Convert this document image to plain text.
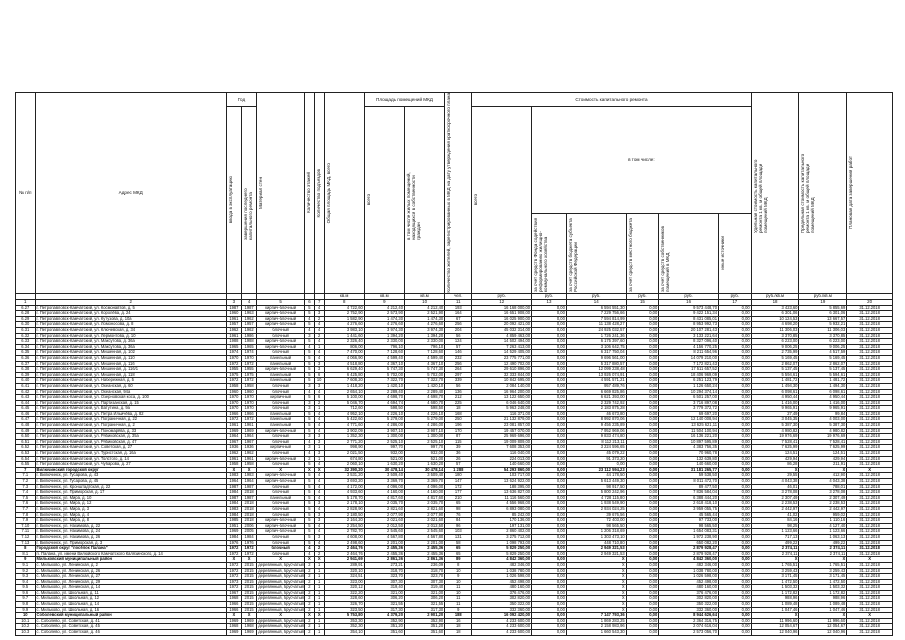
№ п/п	Адрес МКД	Год		Материал стен	Количество этажей	Количество подъездов	Общая площадь МКД, всего	Площадь помещений МКД		Количество жителей, зарегистрированных в МКД на дату утверждения краткосрочного плана	Стоимость капитального ремонта						Удельная стоимость капитального ремонта 1 кв. м общей площади помещений МКД	Предельная стоимость капитального ремонта 1 кв. м общей площади помещений МКД	Плановая дата завершения работ

		ввода в эксплуатацию	завершения последнего капитального ремонта					всего	в том числе жилых помещений, находящихся в собственности граждан		всего	в том числе:							

												за счет средств Фонда содействия реформированию жилищно-коммунального хозяйства	за счет средств бюджета субъекта Российской Федерации	за счет средств местного бюджета	за счет средств собственников помещений в МКД	иные источники			

							кв.м	кв.м	кв.м	чел.	руб.	руб.	руб.	руб.	руб.	руб.	руб./кв.м	руб./кв.м	
1	2	3	4	5	6	7	8	9	10	11	12	13	14	15	16	17	18	19	20
6.27	г. Петропавловск-Камчатский, ул. Космонавтов, д. 5	1987	1987	кирпич-блочный	5	4	4 722,60	4 212,40	4 212,40	193	16 168 000,00	0,00	6 594 551,30	0,00	9 573 448,70	0,00	3 423,60	5 855,69	31.12.2018
6.28	г. Петропавловск-Камчатский, ул. Королёва, д. 24	1960	1963	кирпич-блочный	5	3	2 752,90	2 573,90	2 521,90	164	16 651 908,00	0,00	7 229 756,66	0,00	9 422 151,34	0,00	6 301,06	6 301,06	31.12.2018
6.29	г. Петропавловск-Камчатский, ул. Кутузова, д. 10а	1961	1962	кирпич-блочный	4	2	1 582,90	1 474,30	1 474,30	67	16 025 900,00	0,00	7 594 814,99	0,00	8 431 085,01	0,00	10 124,53	13 667,57	31.12.2018
6.30	г. Петропавловск-Камчатский, ул. Ломоносова, д. 8	1957	1957	кирпич-блочный	5	4	4 276,60	4 276,60	4 276,60	256	20 092 421,00	0,00	11 138 428,27	0,00	8 953 992,73	0,00	4 698,20	5 932,21	31.12.2018
6.31	г. Петропавловск-Камчатский, ул. Ключевская, д. 34	1962	1962	блочный	4	4	3 983,10	3 974,30	3 974,30	204	45 032 314,00	0,00	24 925 032,57	0,00	20 107 281,43	0,00	11 306,03	11 306,03	31.12.2018
6.32	г. Петропавловск-Камчатский, ул. Лермонтова, д. 10	1961	1986	блочный	3	2	1 441,60	1 394,20	1 394,20	56	4 859 463,00	0,00	1 726 241,36	0,00	3 133 221,64	0,00	3 370,85	3 370,85	31.12.2018
6.33	г. Петропавловск-Камчатский, ул. Максутова, д. 36а	1988	1988	кирпич-блочный	5	4	2 326,40	2 330,00	2 330,00	124	14 502 494,00	0,00	6 175 397,60	0,00	8 327 096,40	0,00	6 223,00	6 223,00	31.12.2018
6.34	г. Петропавловск-Камчатский, ул. Максутова, д. 36а	1965	1965	кирпич-блочный	4	1	806,00	796,10	796,10	57	7 263 413,00	0,00	3 106 642,75	0,00	4 156 770,25	0,00	9 006,25	9 006,25	31.12.2018
6.35	г. Петропавловск-Камчатский, ул. Мишенная, д. 102	1974	1974	блочный	5	4	7 470,00	7 128,60	7 128,60	146	14 529 405,00	0,00	6 317 750,04	0,00	8 211 654,96	0,00	2 735,99	4 517,59	31.12.2018
6.36	г. Петропавловск-Камчатский, ул. Мишенная, д. 110	1970	1970	панельный	5	4	4 066,90	4 599,40	4 599,40	232	23 775 771,00	0,00	9 696 561,00	0,00	14 079 210,00	0,00	5 169,45	5 169,45	31.12.2018
6.37	г. Петропавловск-Камчатский, ул. Мишенная, д. 116	1972	1972	панельный	5	3	4 518,80	4 367,10	4 367,10	256	12 490 702,00	0,00	5 317 880,57	0,00	7 172 821,43	0,00	2 862,07	2 862,07	31.12.2018
6.38	г. Петропавловск-Камчатский, ул. Мишенная, д. 116/1	1955	1955	кирпич-блочный	5	3	6 629,40	5 747,30	5 747,30	264	29 610 896,00	0,00	12 099 238,48	0,00	17 511 657,52	0,00	5 137,45	5 137,45	31.12.2018
6.39	г. Петропавловск-Камчатский, ул. Мишенная, д. 118	1975	1975	панельный	5	6	6 425,80	5 702,00	5 702,00	297	32 333 844,00	0,00	13 926 074,91	0,00	18 406 969,09	0,00	5 594,61	5 594,61	31.12.2018
6.40	г. Петропавловск-Камчатский, ул. Набережная, д. 5	1972	1972	панельный	5	10	7 608,20	7 322,70	7 322,70	339	10 842 695,00	0,00	4 591 571,21	0,00	6 251 123,79	0,00	1 481,72	1 481,72	31.12.2018
6.41	г. Петропавловск-Камчатский, ул. Океанская, д. 60	1958	1958	блочный	3	3	1 418,20	1 420,10	1 420,10	56	2 084 140,00	0,00	957 489,76	0,00	1 126 650,24	0,00	1 494,30	1 494,30	31.12.2018
6.42	г. Петропавловск-Камчатский, ул. Океанская, 94а	1960	1960	блочный	4	4	2 654,10	2 289,40	2 289,40	136	16 964 200,00	0,00	6 669 825,86	0,00	10 294 374,14	0,00	6 098,61	6 098,61	31.12.2018
6.43	г. Петропавловск-Камчатский, ул. Озерновская коса, д. 100	1970	1970	кирпичный	5	6	5 100,00	4 698,70	4 698,70	212	13 122 650,00	0,00	6 621 393,00	0,00	6 501 257,00	0,00	4 950,44	4 950,44	31.12.2018
6.44	г. Петропавловск-Камчатский, ул. Партизанская, д. 15	1970	1970	блочный	3	2	5 046,70	4 694,74	4 680,70	225	6 046 640,00	0,00	2 329 742,92	0,00	3 716 897,08	0,00	1 416,00	1 416,00	31.12.2018
6.45	г. Петропавловск-Камчатский, ул. Ватутина, д. 9а	1970	1970	блочный	3	1	712,60	598,50	598,50	18	5 963 248,00	0,00	2 183 875,28	0,00	3 779 372,72	0,00	9 965,91	9 965,91	31.12.2018
6.46	г. Петропавловск-Камчатский, ул. Петра Ильичёва, д. 82	1966	1966	панельный	5	4	4 952,10	4 226,10	4 226,10	168	116 371,00	0,00	46 673,80	0,00	69 697,20	0,00	27,49	99,84	31.12.2018
6.47	г. Петропавловск-Камчатский, ул. Пограничная, д. 22	1972	1972	панельный	5	4	5 422,60	5 279,00	5 279,00	250	21 132 879,00	0,00	8 992 870,06	0,00	12 140 008,94	0,00	3 045,35	4 003,00	31.12.2018
6.48	г. Петропавловск-Камчатский, ул. Пограничная, д. 2	1961	1961	панельный	5	4	4 771,60	4 286,00	4 286,00	196	23 081 857,00	0,00	9 456 235,89	0,00	13 625 621,11	0,00	5 387,30	5 387,30	31.12.2018
6.49	г. Петропавловск-Камчатский, ул. Пономарёва, д. 33	1969	1969	кирпич-блочный	5	4	3 902,09	3 907,10	3 907,10	170	19 457 070,00	0,00	7 952 969,06	0,00	11 504 100,94	0,00	4 980,82	4 980,82	31.12.2018
6.50	г. Петропавловск-Камчатский, ул. Рябиковская, д. 35а	1964	1964	блочный	3	3	1 352,30	1 300,00	1 300,00	87	25 969 696,00	0,00	9 833 474,80	0,00	16 136 221,20	0,00	19 976,69	19 976,69	31.12.2018
6.51	г. Петропавловск-Камчатский, ул. Рябиковская, д. 47	1967	1967	блочный	4	3	2 771,20	2 525,10	2 525,10	115	19 009 809,00	0,00	8 112 213,11	0,00	10 897 595,89	0,00	7 528,41	7 528,41	31.12.2018
6.52	г. Петропавловск-Камчатский, ул. Советская, д. 27	1936	1936	кирпичный	3	1	998,90	997,70	997,70	39	7 608 353,00	0,00	3 224 596,65	0,00	4 383 756,35	0,00	7 625,99	7 625,99	31.12.2018
6.53	г. Петропавловск-Камчатский, ул. Туристская, д. 16а	1962	1962	блочный	4	3	2 021,50	932,00	932,00	36	116 040,00	0,00	45 079,22	0,00	70 960,78	0,00	124,51	124,51	31.12.2018
6.54	г. Петропавловск-Камчатский, ул. Толстого, д. 14	1961	1961	кирпич-блочный	2	1	674,80	521,00	521,00	26	224 013,00	0,00	91 373,20	0,00	132 639,80	0,00	429,94	429,94	31.12.2018
6.55	г. Петропавловск-Камчатский, ул. Чубарова, д. 27	1958	1958	блочный	5	4	2 060,10	1 630,20	1 630,20	57	140 660,00	0,00	0,00	0,00	140 660,00	0,00	86,28	211,91	31.12.2018
7	Вилючинский городской округ	X	X	X	X	X	32 390,20	30 478,14	30 478,14	1 288	54 293 860,00	0,00	23 112 594,23	0,00	31 181 265,77	0,00	X	X	X
7.1	г. Вилючинск, ул. Гусарова, д. 43	1983	1983	кирпич-блочный	5	4	3 531,20	3 509,40	3 509,40	180	103 717,00	0,00	44 178,50	0,00	59 538,50	0,00	29,55	412,90	31.12.2018
7.2	г. Вилючинск, ул. Гусарова, д. 45	1964	1964	кирпич-блочный	5	4	3 693,20	3 369,70	3 369,70	147	13 624 922,00	0,00	5 613 449,30	0,00	8 011 472,70	0,00	4 043,38	4 043,38	31.12.2018
7.3	г. Вилючинск, ул. Кронштадтская, д. 22	1987	1987	блочный	5	4	4 172,00	4 096,00	4 096,00	172	188 395,00	0,00	98 917,50	0,00	89 477,50	0,00	46,01	788,01	31.12.2018
7.4	г. Вилючинск, ул. Приморская, д. 17	1984	2018	блочный	5	4	4 933,60	4 160,00	4 160,00	177	13 636 827,00	0,00	5 800 242,96	0,00	7 836 584,04	0,00	3 278,08	3 278,08	31.12.2018
7.5	г. Вилючинск, ул. Мира, д. 10	1987	1987	панельный	5	4	5 178,70	4 817,60	4 817,60	210	11 116 560,00	0,00	4 728 115,80	0,00	6 388 444,20	0,00	2 307,49	2 307,49	31.12.2018
7.6	г. Вилючинск, ул. Мира, д. 12	1984	2018	блочный	5	3	2 178,10	2 035,70	2 035,70	65	4 556 968,00	0,00	1 938 549,90	0,00	2 618 418,10	0,00	2 238,53	2 238,53	31.12.2018
7.7	г. Вилючинск, ул. Мира, д. 3	1983	2018	блочный	5	4	2 828,90	2 821,60	2 821,60	98	6 893 080,00	0,00	2 934 024,25	0,00	3 959 055,75	0,00	2 442,97	2 442,97	31.12.2018
7.8	г. Вилючинск, ул. Мира, д. 4	1984	2018	блочный	5	3	2 180,50	2 077,90	2 077,90	76	85 242,00	0,00	39 676,56	0,00	45 565,44	0,00	41,02	959,02	31.12.2018
7.9	г. Вилючинск, ул. Мира, д. 8	1985	2018	кирпич-блочный	5	3	2 164,20	2 021,60	2 021,60	84	170 136,00	0,00	72 403,00	0,00	97 733,00	0,00	84,16	1 110,16	31.12.2018
7.10	г. Вилючинск, ул. Нахимова, д. 22	1951	2006	кирпич-блочный	5	4	2 254,50	2 012,50	2 012,50	96	197 131,00	0,00	98 565,50	0,00	98 565,50	0,00	98,25	4 127,40	31.12.2018
7.11	г. Вилючинск, ул. Нахимова, д. 24	1969	2005	кирпич-блочный	5	4	2 782,70	2 545,60	2 545,60	103	2 860 402,00	0,00	1 206 318,69	0,00	1 654 083,31	0,00	1 123,66	1 123,66	31.12.2018
7.12	г. Вилючинск, ул. Нахимова, д. 26	1984	1984	блочный	5	3	4 608,00	4 567,80	4 567,80	131	3 275 712,00	0,00	1 303 473,10	0,00	1 972 238,90	0,00	717,13	1 063,13	31.12.2018
7.13	г. Вилючинск, ул. Приморская, д. 3	1976	1976	блочный	5	4	2 498,60	2 201,00	2 201,00	58	1 098 793,00	0,00	448 710,80	0,00	650 082,20	0,00	499,22	499,22	31.12.2018
8	Городской округ "посёлок Палана"	1972	1972	блочный	4	2	2 464,76	2 455,36	2 455,36	65	5 829 250,00	0,00	2 949 321,53	0,00	2 879 928,47	0,00	2 374,11	2 374,11	31.12.2018
8.1	п. Палана, ул. имени Вилюйского Камчатского Калязинского, д. 14	1972	1972	блочный	4	2	2 464,76	2 455,36	2 455,36	65	5 829 250,00	0,00	2 949 321,53	0,00	2 879 928,47	0,00	2 374,11	2 374,11	31.12.2018
9	Мильковский муниципальный район	X	X	X	X	X	2 941,69	2 861,36	2 861,36	89	4 842 360,00	0,00	X	0,00	4 842 360,00	0,00	X	X	X
9.1	с. Мильково, ул. Ленинская, д. 2	1972	2015	деревянный, брусчатый	2	1	289,91	273,21	236,09	8	482 346,00	0,00	X	0,00	482 346,00	0,00	1 765,51	1 765,51	31.12.2018
9.2	с. Мильково, ул. Ленинская, д. 26	1972	2015	деревянный, брусчатый	2	1	320,10	318,70	318,70	10	1 038 780,00	0,00	X	0,00	1 038 780,00	0,00	3 259,43	3 259,43	31.12.2018
9.3	с. Мильково, ул. Ленинская, д. 27	1972	2015	деревянный, брусчатый	2	1	324,51	323,70	323,70	9	1 026 598,00	0,00	X	0,00	1 026 598,00	0,00	3 171,45	3 171,45	31.12.2018
9.4	с. Мильково, ул. Ленинская, д. 29	1973	2015	деревянный, брусчатый	2	1	323,00	307,30	307,30	10	452 498,00	0,00	X	0,00	452 498,00	0,00	1 472,50	1 472,50	31.12.2018
9.5	с. Мильково, ул. Ленинская, д. 14	1972	2015	деревянный, брусчатый	2	1	320,12	319,40	319,40	11	480 160,00	0,00	X	0,00	480 160,00	0,00	1 503,32	1 503,32	31.12.2018
9.6	с. Мильково, ул. Школьная, д. 11	1967	2015	деревянный, брусчатый	2	1	322,20	321,00	321,00	10	376 476,00	0,00	X	0,00	376 476,00	0,00	1 172,82	1 172,82	31.12.2018
9.7	с. Мильково, ул. Школьная, д. 12	1968	2015	деревянный, брусчатый	2	1	328,60	306,20	306,20	11	302 820,00	0,00	X	0,00	302 820,00	0,00	988,96	988,96	31.12.2018
9.8	с. Мильково, ул. Школьная, д. 14	1966	2015	деревянный, брусчатый	2	1	326,70	321,55	321,55	11	350 322,00	0,00	X	0,00	350 322,00	0,00	1 089,48	1 089,48	31.12.2018
9.9	с. Мильково, ул. Школьная, д. 16	1966	2015	деревянный, брусчатый	2	1	323,50	317,30	317,30	9	332 360,00	0,00	X	0,00	332 360,00	0,00	1 047,46	1 047,46	31.12.2018
10	Соболевский муниципальный район	X	X	X	X	X	5 753,80	4 379,20	2 901,20	188	16 092 420,00	0,00	7 147 793,36	0,00	8 944 626,64	0,00	X	X	X
10.1	с. Соболево, ул. Советская, д. 41	1969	1969	деревянный, брусчатый	2	1	353,30	352,90	352,90	16	4 233 600,00	0,00	1 869 283,25	0,00	2 364 316,75	0,00	11 996,60	11 996,60	31.12.2018
10.2	с. Соболево, ул. Советская, д. 45	1968	1968	деревянный, брусчатый	2	1	352,30	351,20	351,20	18	4 233 600,00	0,00	2 158 983,96	0,00	2 074 616,04	0,00	12 054,67	12 054,67	31.12.2018
10.3	с. Соболево, ул. Советская, д. 46	1969	1969	деревянный, брусчатый	2	1	354,10	351,60	351,60	18	4 233 600,00	0,00	1 660 543,30	0,00	2 573 056,70	0,00	12 040,96	12 040,96	31.12.2018
